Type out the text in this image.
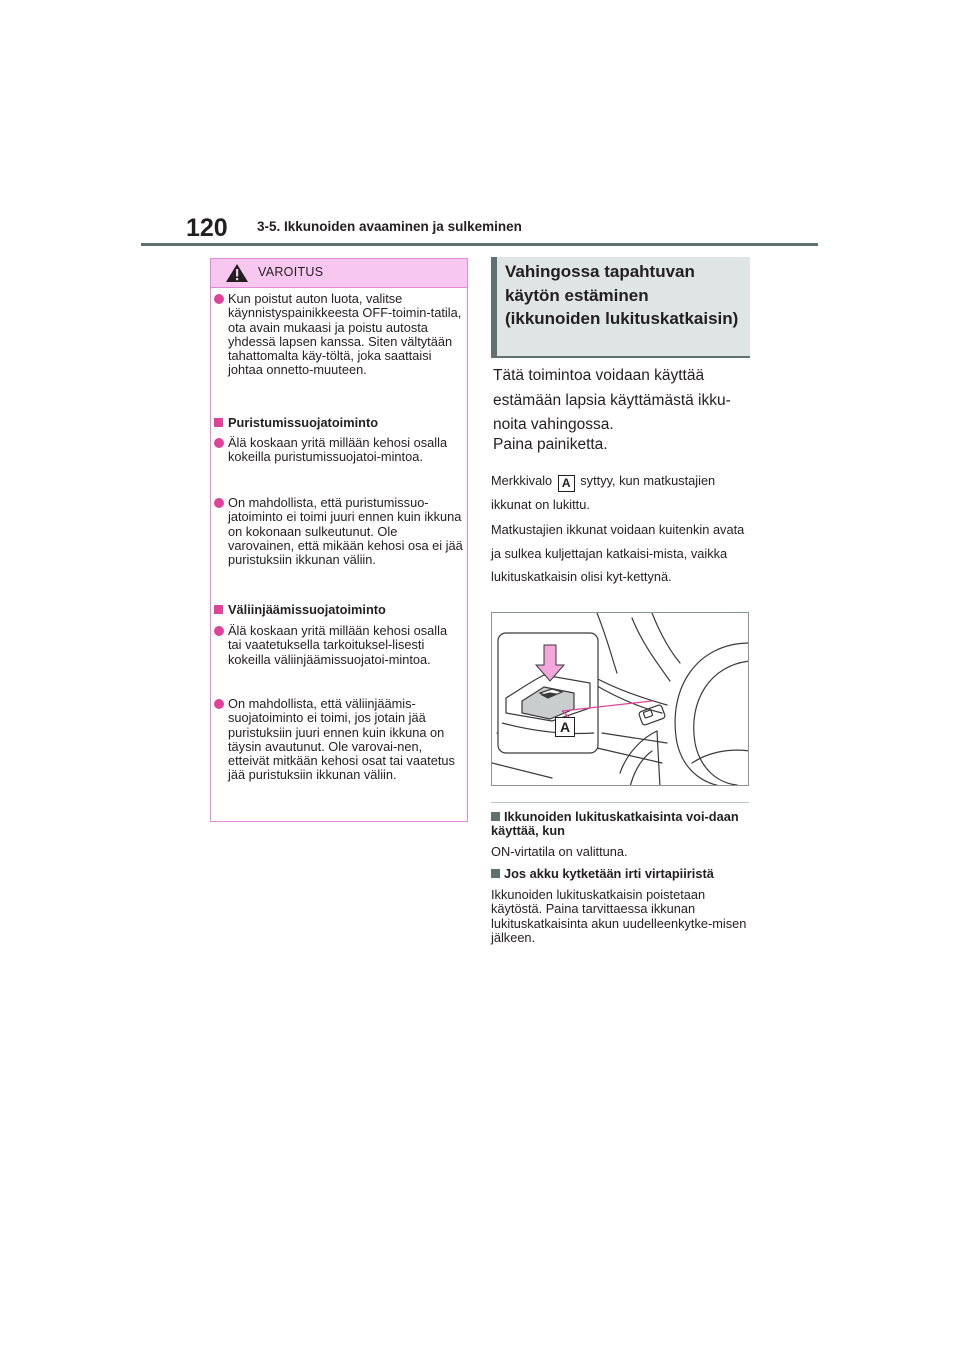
120 3-5. Ikkunoiden avaaminen ja sulkeminen
VAROITUS
Kun poistut auton luota, valitse käynnistyspainikkeesta OFF-toimin-tatila, ota avain mukaasi ja poistu autosta yhdessä lapsen kanssa. Siten vältytään tahattomalta käy-töltä, joka saattaisi johtaa onnetto-muuteen.
Puristumissuojatoiminto
Älä koskaan yritä millään kehosi osalla kokeilla puristumissuojatoi-mintoa.
On mahdollista, että puristumissuo-jatoiminto ei toimi juuri ennen kuin ikkuna on kokonaan sulkeutunut. Ole varovainen, että mikään kehosi osa ei jää puristuksiin ikkunan väliin.
Väliinjäämissuojatoiminto
Älä koskaan yritä millään kehosi osalla tai vaatetuksella tarkoituksel-lisesti kokeilla väliinjäämissuojatoi-mintoa.
On mahdollista, että väliinjäämis-suojatoiminto ei toimi, jos jotain jää puristuksiin juuri ennen kuin ikkuna on täysin avautunut. Ole varovai-nen, etteivät mitkään kehosi osat tai vaatetus jää puristuksiin ikkunan väliin.
Vahingossa tapahtuvan käytön estäminen (ikkunoiden lukituskatkaisin)
Tätä toimintoa voidaan käyttää estämään lapsia käyttämästä ikku-noita vahingossa.
Paina painiketta.
Merkkivalo A syttyy, kun matkustajien ikkunat on lukittu.
Matkustajien ikkunat voidaan kuitenkin avata ja sulkea kuljettajan katkaisi-mista, vaikka lukituskatkaisin olisi kyt-kettynä.
A
Ikkunoiden lukituskatkaisinta voi-daan käyttää, kun
ON-virtatila on valittuna.
Jos akku kytketään irti virtapiiristä
Ikkunoiden lukituskatkaisin poistetaan käytöstä. Paina tarvittaessa ikkunan lukituskatkaisinta akun uudelleenkytke-misen jälkeen.
